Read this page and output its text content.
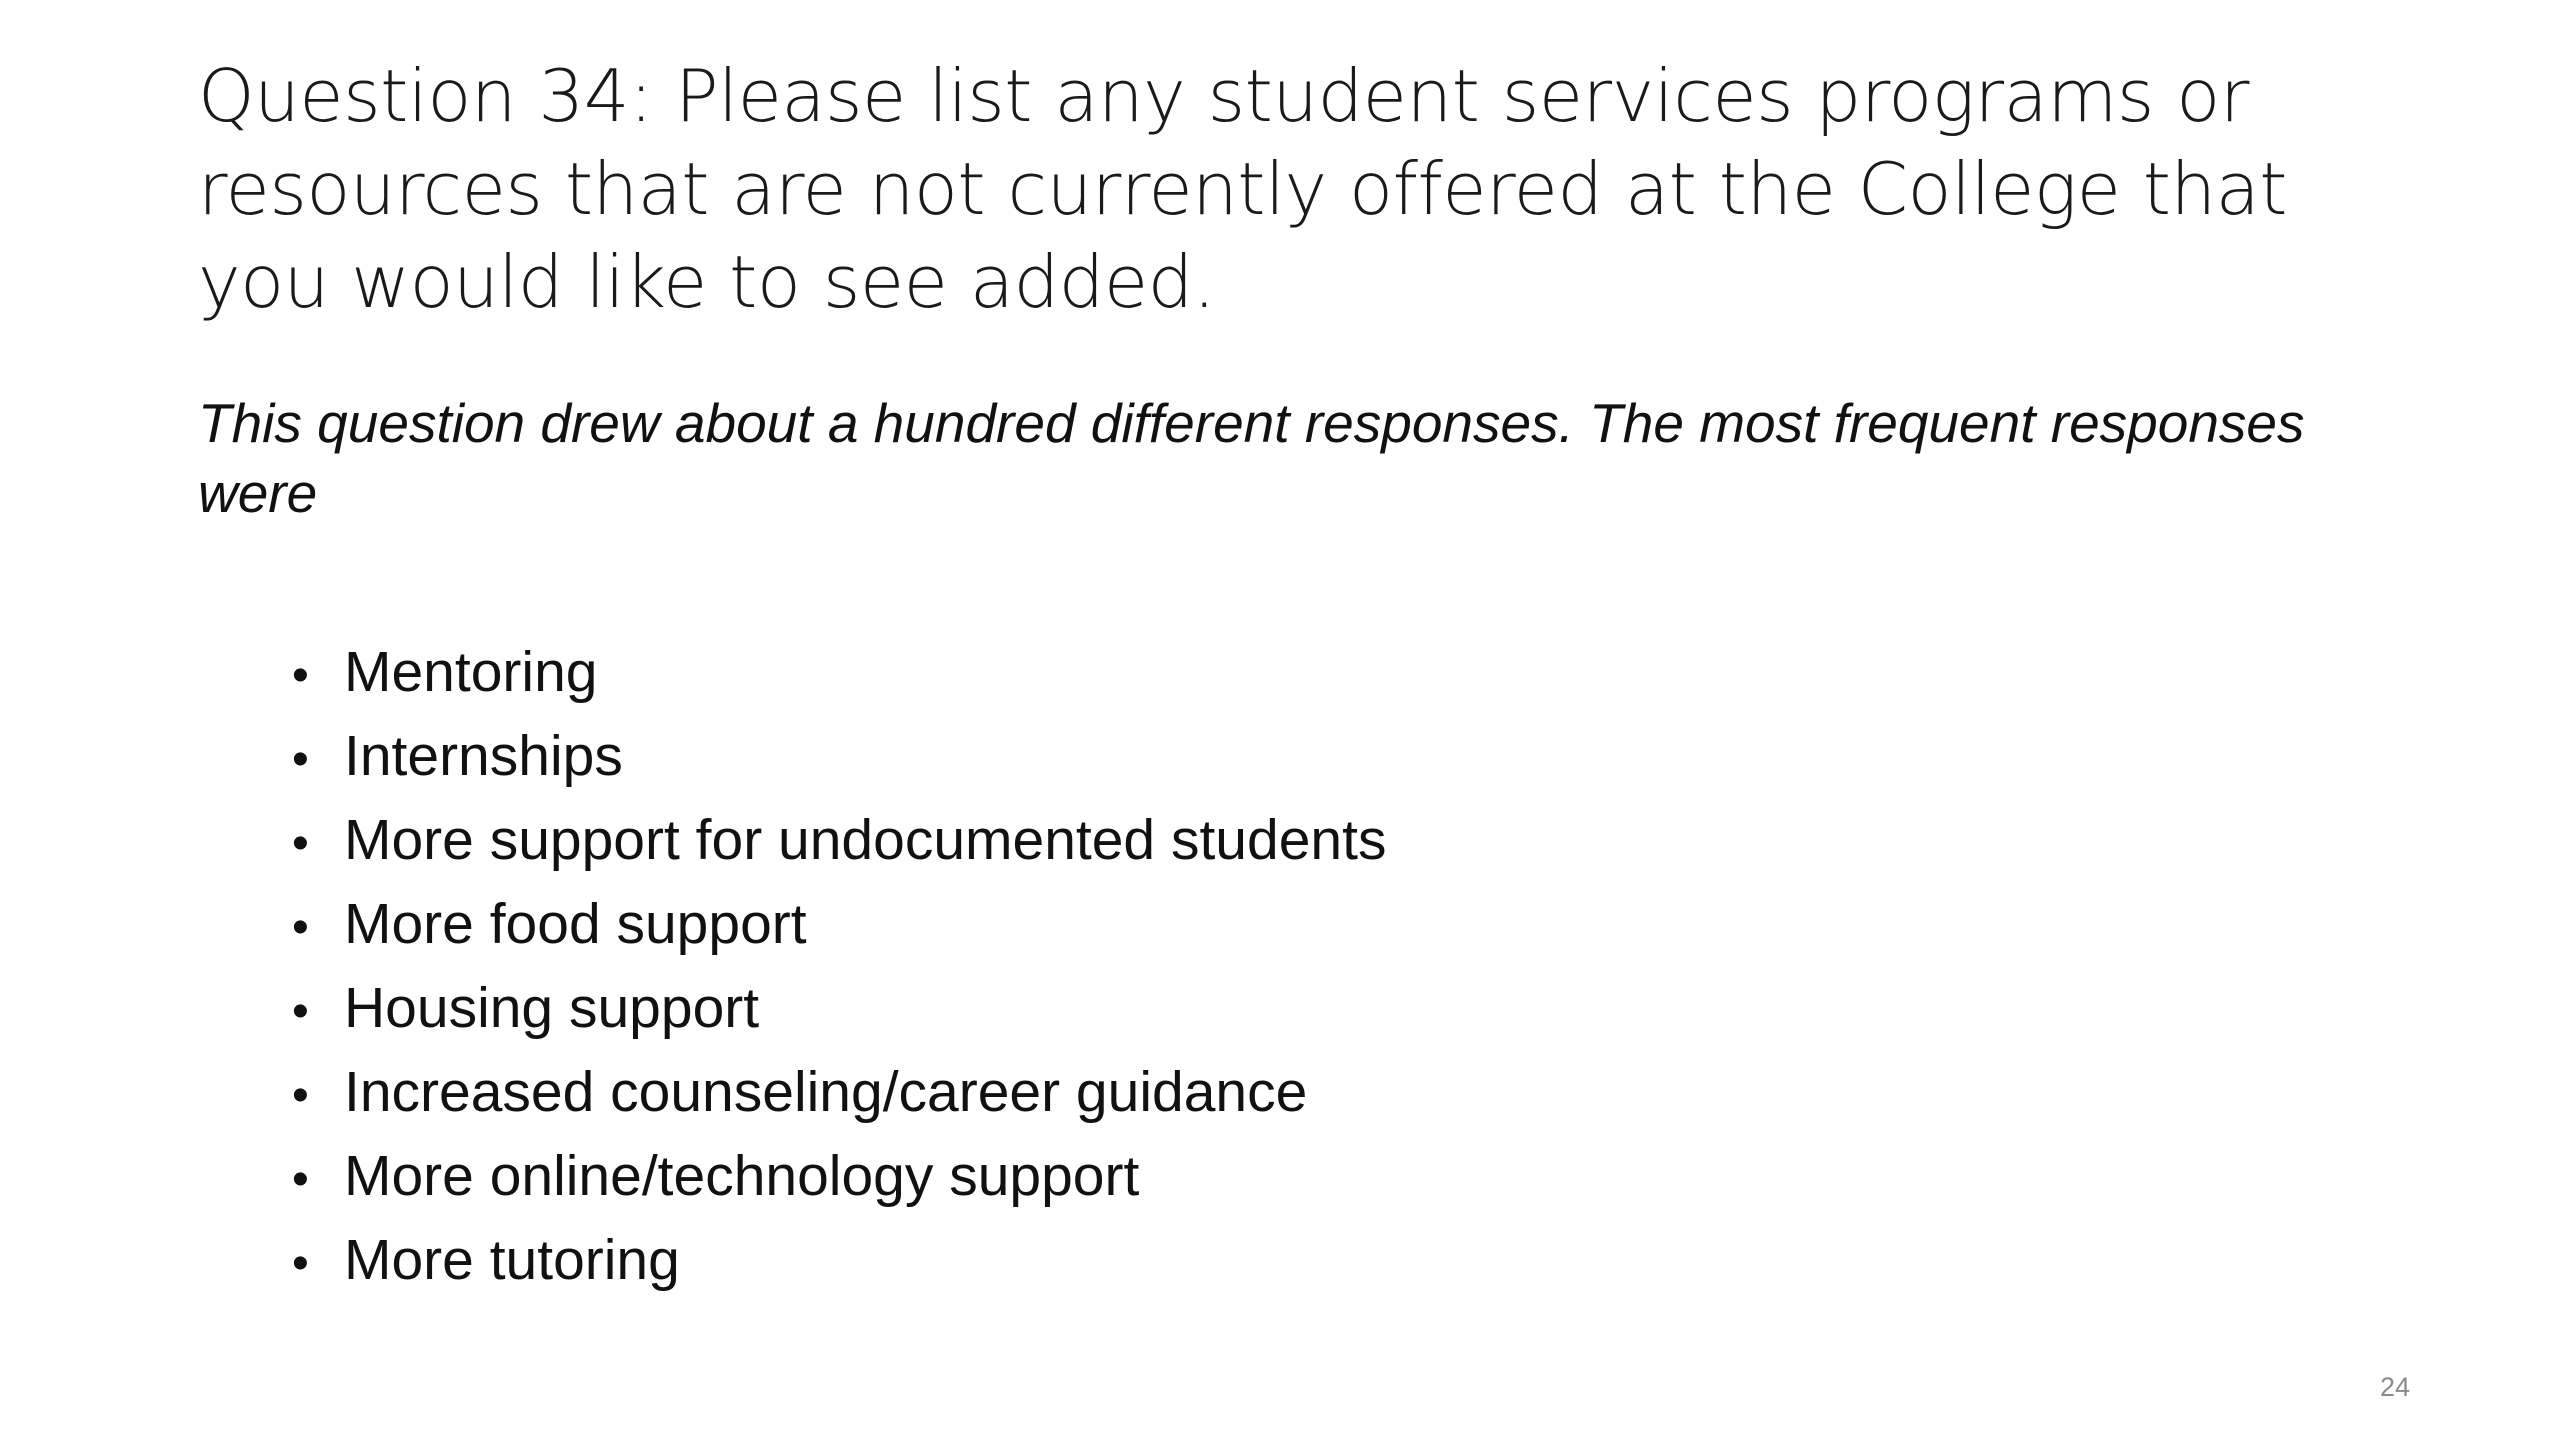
Question 34: Please list any student services programs or resources that are not currently offered at the College that you would like to see added.

This question drew about a hundred different responses. The most frequent responses were

• Mentoring
• Internships
• More support for undocumented students
• More food support
• Housing support
• Increased counseling/career guidance
• More online/technology support
• More tutoring
24
